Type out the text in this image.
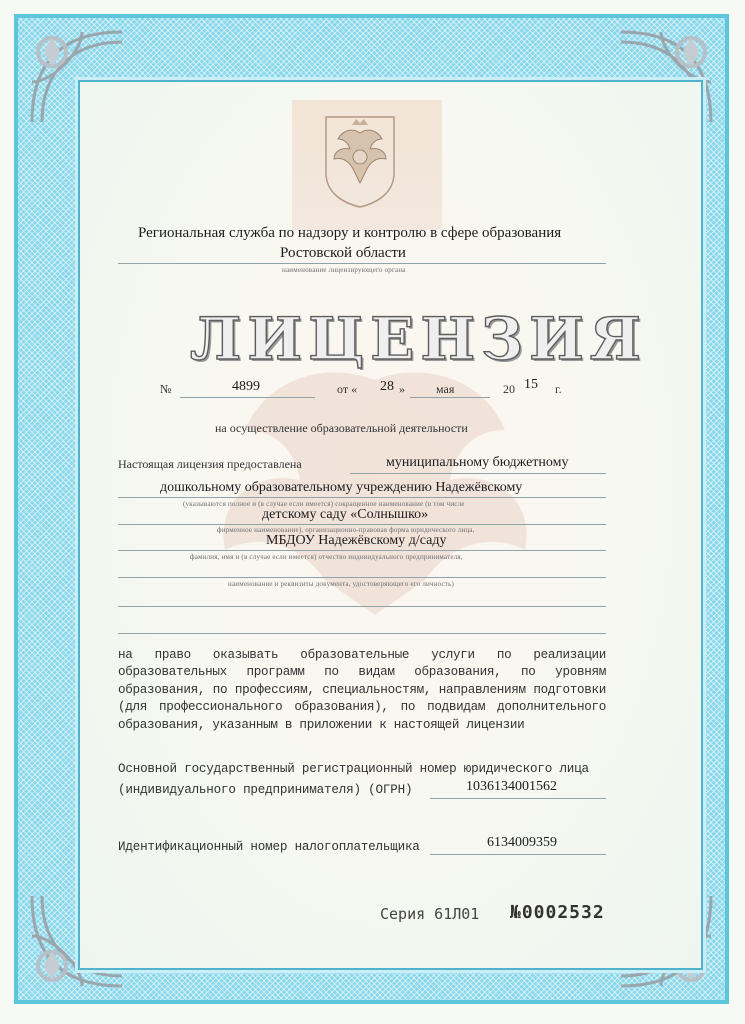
Региональная служба по надзору и контролю в сфере образования
Ростовской области
наименование лицензирующего органа
ЛИЦЕНЗИЯ
№	4899	от « 28 »	мая	20 15 г.
на осуществление образовательной деятельности
Настоящая лицензия предоставлена	муниципальному бюджетному
дошкольному образовательному учреждению Надежёвскому
(указываются полное и (в случае если имеется) сокращенное наименование (в том числе
детскому саду «Солнышко»
фирменное наименование), организационно-правовая форма юридического лица,
МБДОУ Надежёвскому д/саду
фамилия, имя и (в случае если имеется) отчество индивидуального предпринимателя,
наименование и реквизиты документа, удостоверяющего его личность)
на право оказывать образовательные услуги по реализации образовательных программ по видам образования, по уровням образования, по профессиям, специальностям, направлениям подготовки (для профессионального образования), по подвидам дополнительного образования, указанным в приложении к настоящей лицензии
Основной государственный регистрационный номер юридического лица
(индивидуального предпринимателя) (ОГРН)	1036134001562
Идентификационный номер налогоплательщика	6134009359
Серия 61Л01 №0002532
